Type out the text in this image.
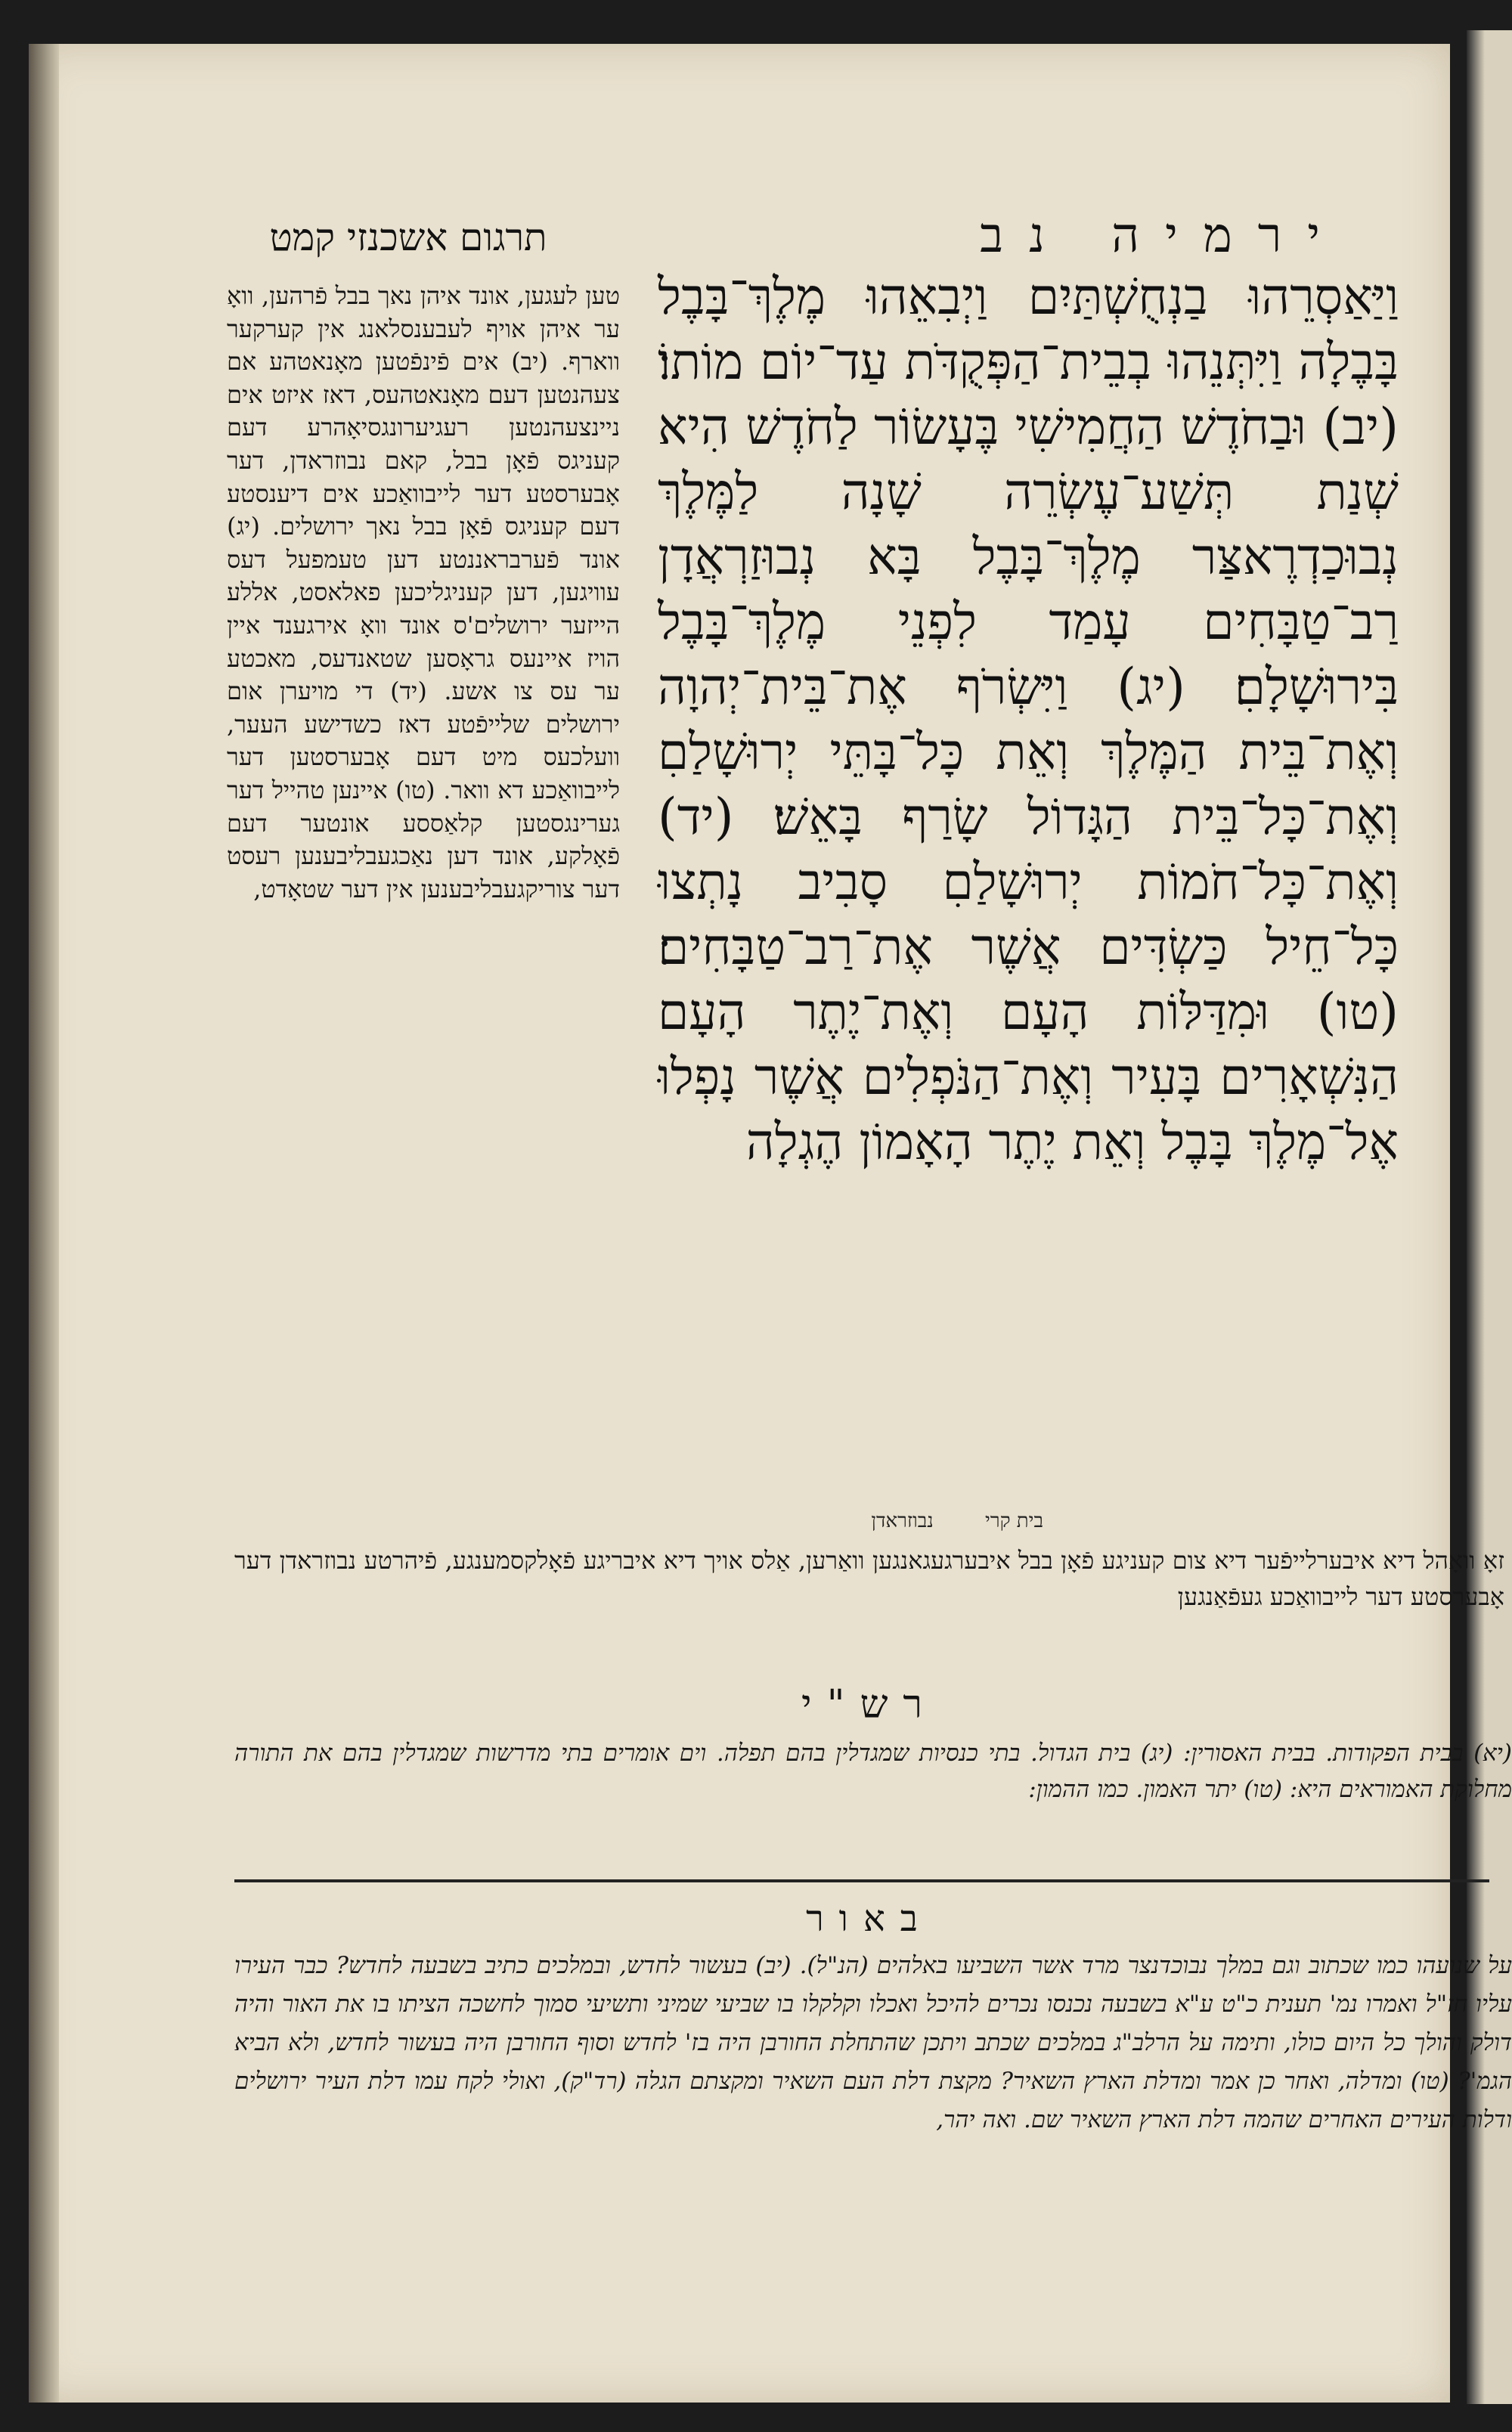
ירמיה נב
תרגום אשכנזי קמט
וַיַּאַסְרֵהוּ בַנְחֻשְׁתַּיִם וַיְבִאֵהוּ מֶלֶךְ־בָּבֶל בָּבֶלָה וַיִּתְּנֵהוּ בְבֵית־הַפְּקֻדֹּת עַד־יוֹם מוֹתוֹ׃ (יב) וּבַחֹדֶשׁ הַחֲמִישִׁי בֶּעָשׂוֹר לַחֹדֶשׁ הִיא שְׁנַת תְּשַׁע־עֶשְׂרֵה שָׁנָה לַמֶּלֶךְ נְבוּכַדְרֶאצַּר מֶלֶךְ־בָּבֶל בָּא נְבוּזַרְאֲדָן רַב־טַבָּחִים עָמַד לִפְנֵי מֶלֶךְ־בָּבֶל בִּירוּשָׁלָםִ׃ (יג) וַיִּשְׂרֹף אֶת־בֵּית־יְהוָה וְאֶת־בֵּית הַמֶּלֶךְ וְאֵת כָּל־בָּתֵּי יְרוּשָׁלַםִ וְאֶת־כָּל־בֵּית הַגָּדוֹל שָׂרַף בָּאֵשׁ׃ (יד) וְאֶת־כָּל־חֹמוֹת יְרוּשָׁלַםִ סָבִיב נָתְצוּ כָּל־חֵיל כַּשְׂדִּים אֲשֶׁר אֶת־רַב־טַבָּחִים׃ (טו) וּמִדַּלּוֹת הָעָם וְאֶת־יֶתֶר הָעָם הַנִּשְׁאָרִים בָּעִיר וְאֶת־הַנֹּפְלִים אֲשֶׁר נָפְלוּ אֶל־מֶלֶךְ בָּבֶל וְאֵת יֶתֶר הָאָמוֹן הֶגְלָה
טען לעגען, אונד איהן נאך בבל פֿרהען, וואָ ער איהן אויף לעבענסלאנג אין קערקער ווארף. (יב) אים פֿינפֿטען מאָנאטהע אם צעהנטען דעם מאָנאטהעס, דאז איזט אים ניינצעהנטען רעגיערונגסיאָהרע דעם קעניגס פֿאָן בבל, קאם נבוזראדן, דער אָבערסטע דער לייבוואַכע אים דיענסטע דעם קעניגס פֿאָן בבל נאך ירושלים. (יג) אונד פֿערבראננטע דען טעמפעל דעס עוויגען, דען קעניגליכען פאלאסט, אללע הייזער ירושלים'ס אונד וואָ אירגענד איין הויז איינעס גראָסען שטאנדעס, מאכטע ער עס צו אשע. (יד) די מויערן אום ירושלים שלייפֿטע דאז כשדישע העער, וועלכעס מיט דעם אָבערסטען דער לייבוואַכע דא וואר. (טו) איינען טהייל דער גערינגסטען קלאַססע אונטער דעם פֿאָלקע, אונד דען נאַכגעבליבענען רעסט דער צוריקגעבליבענען אין דער שטאָדט,
בית קרי נבוזראדן
זאָ וואָהל דיא איבערלייפֿער דיא צום קעניגע פֿאָן בבל איבערגעגאנגען וואַרען, אַלס אויך דיא איבריגע פֿאָלקסמענגע, פֿיהרטע נבוזראדן דער אָבערסטע דער לייבוואַכע געפֿאַנגען
רש"י
(יא) בבית הפקודות. בבית האסורין: (יג) בית הגדול. בתי כנסיות שמגדלין בהם תפלה. וים אומרים בתי מדרשות שמגדלין בהם את התורה מחלוקת האמוראים היא: (טו) יתר האמון. כמו ההמון:
באור
על שנועהו כמו שכתוב וגם במלך נבוכדנצר מרד אשר השביעו באלהים (הנ"ל). (יב) בעשור לחדש, ובמלכים כתיב בשבעה לחדש? כבר העירו עליו חז"ל ואמרו נמ' תענית כ"ט ע"א בשבעה נכנסו נכרים להיכל ואכלו וקלקלו בו שביעי שמיני ותשיעי סמוך לחשכה הציתו בו את האור והיה דולק והולך כל היום כולו, ותימה על הרלב"ג במלכים שכתב ויתכן שהתחלת החורבן היה בז' לחדש וסוף החורבן היה בעשור לחדש, ולא הביא הגמ'? (טו) ומדלה, ואחר כן אמר ומדלת הארץ השאיר? מקצת דלת העם השאיר ומקצתם הגלה (רד"ק), ואולי לקח עמו דלת העיר ירושלים ודלות העירים האחרים שהמה דלת הארץ השאיר שם. ואה יהר,
